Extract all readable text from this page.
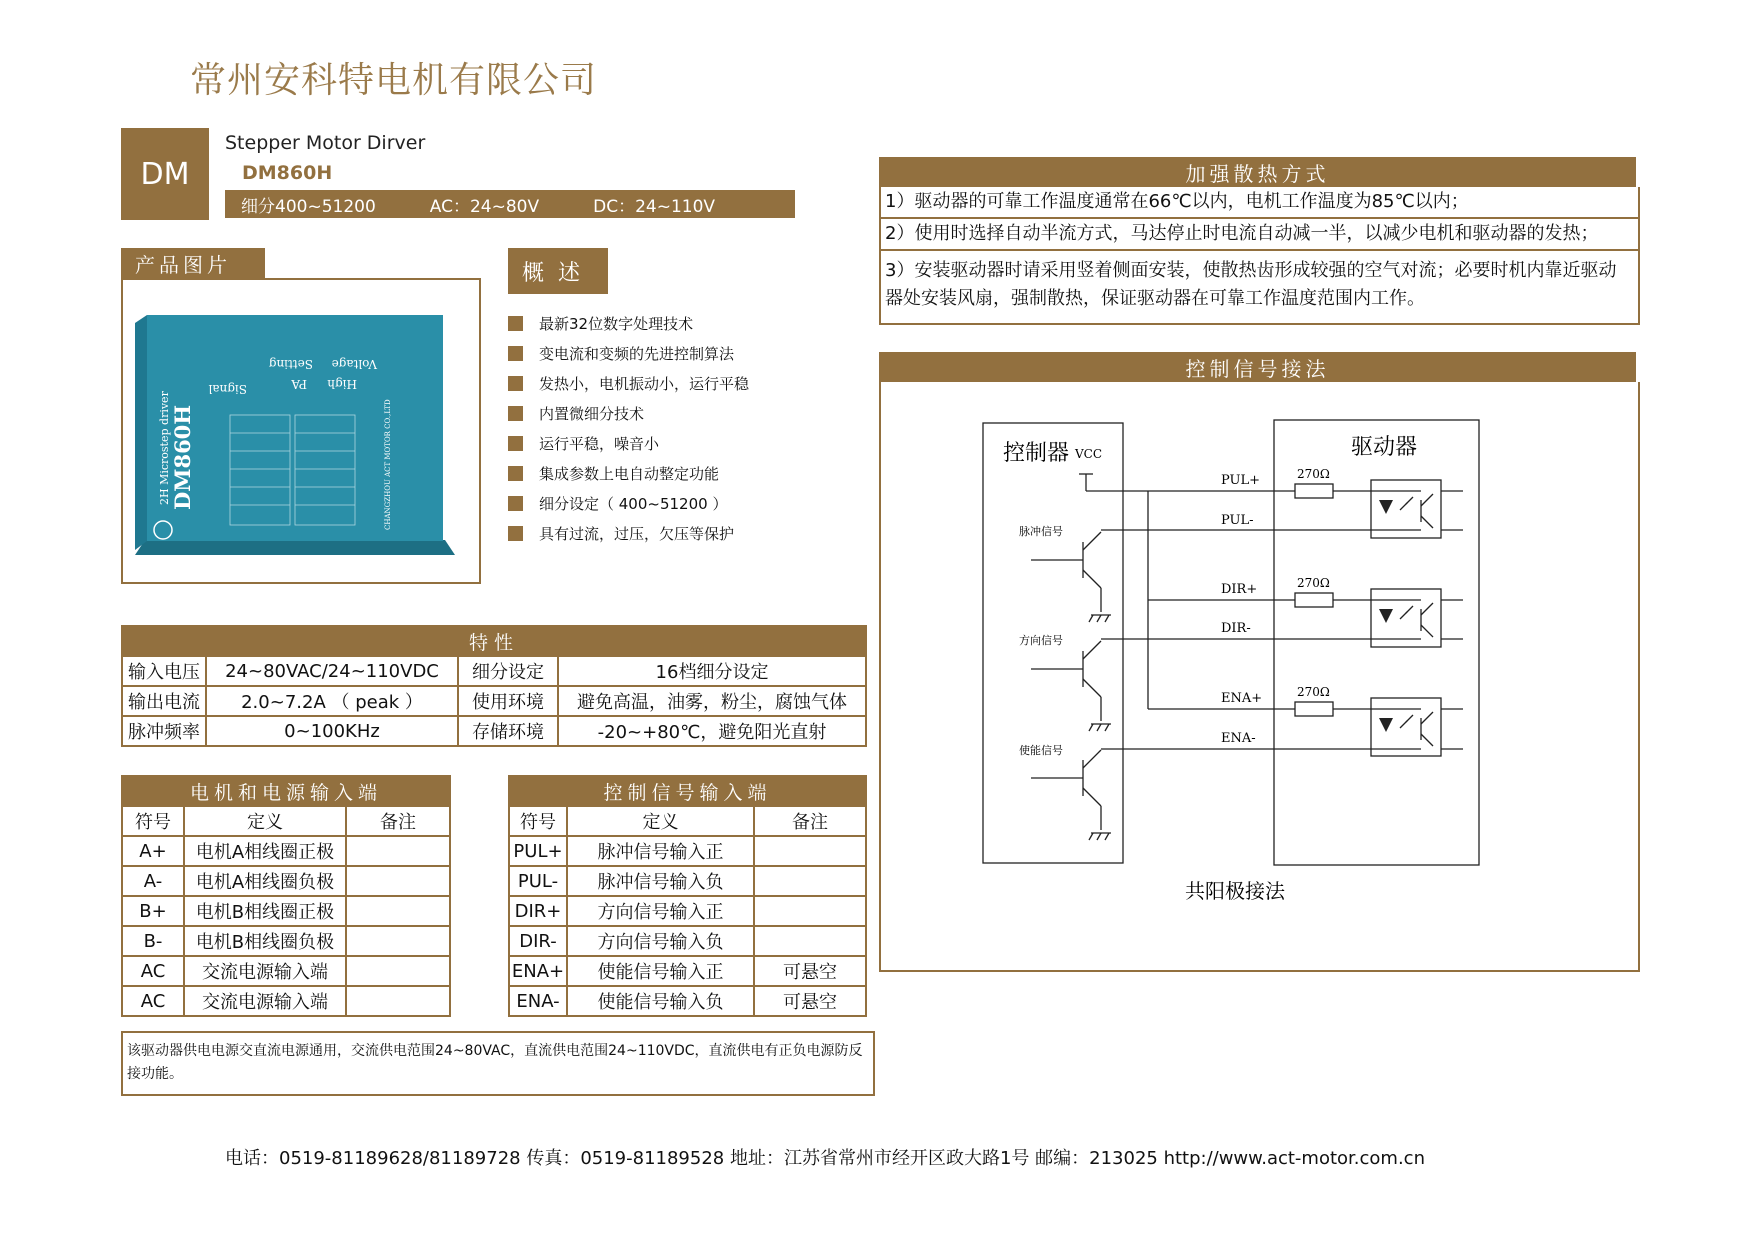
常州安科特电机有限公司
DM
Stepper Motor Dirver
DM860H
细分400~51200	AC：24~80V	DC：24~110V
产品图片
DM860H
2H Microstep driver
Signal	PA
Setting
High
Voltage
CHANGZHOU ACT MOTOR CO.,LTD
概述
最新32位数字处理技术
变电流和变频的先进控制算法
发热小，电机振动小，运行平稳
内置微细分技术
运行平稳，噪音小
集成参数上电自动整定功能
细分设定（ 400~51200 ）
具有过流，过压，欠压等保护
特性			
输入电压	24~80VAC/24~110VDC	细分设定	16档细分设定
输出电流	2.0~7.2A （ peak ）	使用环境	避免高温，油雾，粉尘，腐蚀气体
脉冲频率	0~100KHz	存储环境	-20~+80℃，避免阳光直射
电机和电源输入端		
符号	定义	备注
A+	电机A相线圈正极	
A-	电机A相线圈负极	
B+	电机B相线圈正极	
B-	电机B相线圈负极	
AC	交流电源输入端	
AC	交流电源输入端	
控制信号输入端		
符号	定义	备注
PUL+	脉冲信号输入正	
PUL-	脉冲信号输入负	
DIR+	方向信号输入正	
DIR-	方向信号输入负	
ENA+	使能信号输入正	可悬空
ENA-	使能信号输入负	可悬空
该驱动器供电电源交直流电源通用，交流供电范围24~80VAC，直流供电范围24~110VDC，直流供电有正负电源防反接功能。
加强散热方式
1）驱动器的可靠工作温度通常在66℃以内，电机工作温度为85℃以内；
2）使用时选择自动半流方式，马达停止时电流自动减一半，以减少电机和驱动器的发热；
3）安装驱动器时请采用竖着侧面安装，使散热齿形成较强的空气对流；必要时机内靠近驱动器处安装风扇，强制散热，保证驱动器在可靠工作温度范围内工作。
控制信号接法
控制器	驱动器
VCC
PUL+
PUL-
DIR+
DIR-
ENA+
ENA-
270Ω
270Ω
270Ω
脉冲信号
方向信号
使能信号
共阳极接法
电话：0519-81189628/81189728 传真：0519-81189528 地址：江苏省常州市经开区政大路1号 邮编：213025 http://www.act-motor.com.cn
